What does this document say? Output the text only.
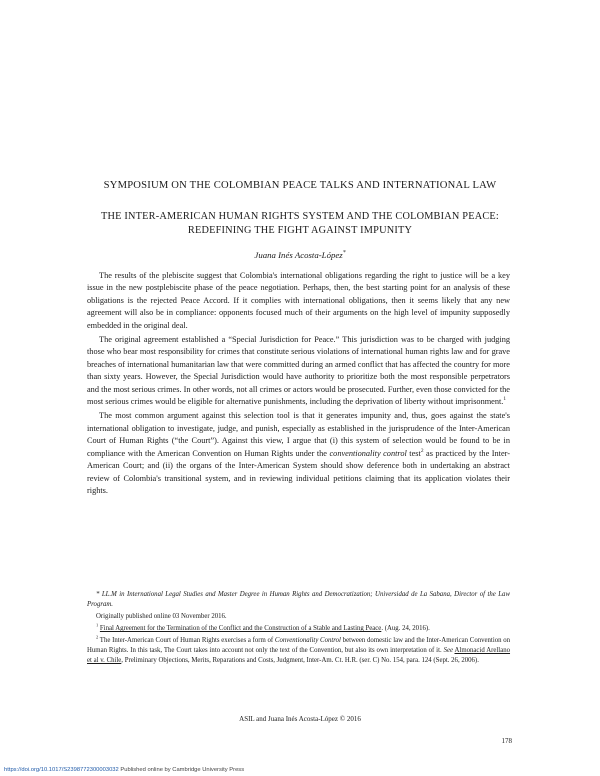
SYMPOSIUM ON THE COLOMBIAN PEACE TALKS AND INTERNATIONAL LAW
THE INTER-AMERICAN HUMAN RIGHTS SYSTEM AND THE COLOMBIAN PEACE:
REDEFINING THE FIGHT AGAINST IMPUNITY
Juana Inés Acosta-López*

The results of the plebiscite suggest that Colombia's international obligations regarding the right to justice will be a key issue in the new postplebiscite phase of the peace negotiation. Perhaps, then, the best starting point for an analysis of these obligations is the rejected Peace Accord. If it complies with international obligations, then it seems likely that any new agreement will also be in compliance: opponents focused much of their arguments on the high level of impunity supposedly embedded in the original deal.

The original agreement established a “Special Jurisdiction for Peace.” This jurisdiction was to be charged with judging those who bear most responsibility for crimes that constitute serious violations of international human rights law and for grave breaches of international humanitarian law that were committed during an armed conflict that has affected the country for more than sixty years. However, the Special Jurisdiction would have authority to prioritize both the most responsible perpetrators and the most serious crimes. In other words, not all crimes or actors would be prosecuted. Further, even those convicted for the most serious crimes would be eligible for alternative punishments, including the deprivation of liberty without imprisonment.$^1$

The most common argument against this selection tool is that it generates impunity and, thus, goes against the state's international obligation to investigate, judge, and punish, especially as established in the jurisprudence of the Inter-American Court of Human Rights (“the Court”). Against this view, I argue that (i) this system of selection would be found to be in compliance with the American Convention on Human Rights under the conventionality control test$^2$ as practiced by the Inter-American Court; and (ii) the organs of the Inter-American System should show deference both in undertaking an abstract review of Colombia's transitional system, and in reviewing individual petitions claiming that its application violates their rights.

* LL.M in International Legal Studies and Master Degree in Human Rights and Democratization; Universidad de La Sabana, Director of the Law Program.

Originally published online 03 November 2016.

$^1$ Final Agreement for the Termination of the Conflict and the Construction of a Stable and Lasting Peace. (Aug. 24, 2016).

$^2$ The Inter-American Court of Human Rights exercises a form of Conventionality Control between domestic law and the Inter-American Convention on Human Rights. In this task, The Court takes into account not only the text of the Convention, but also its own interpretation of it. See Almonacid Arellano et al v. Chile, Preliminary Objections, Merits, Reparations and Costs, Judgment, Inter-Am. Ct. H.R. (ser. C) No. 154, para. 124 (Sept. 26, 2006).

ASIL and Juana Inés Acosta-López © 2016
178
https://doi.org/10.1017/S2398772300003032 Published online by Cambridge University Press
